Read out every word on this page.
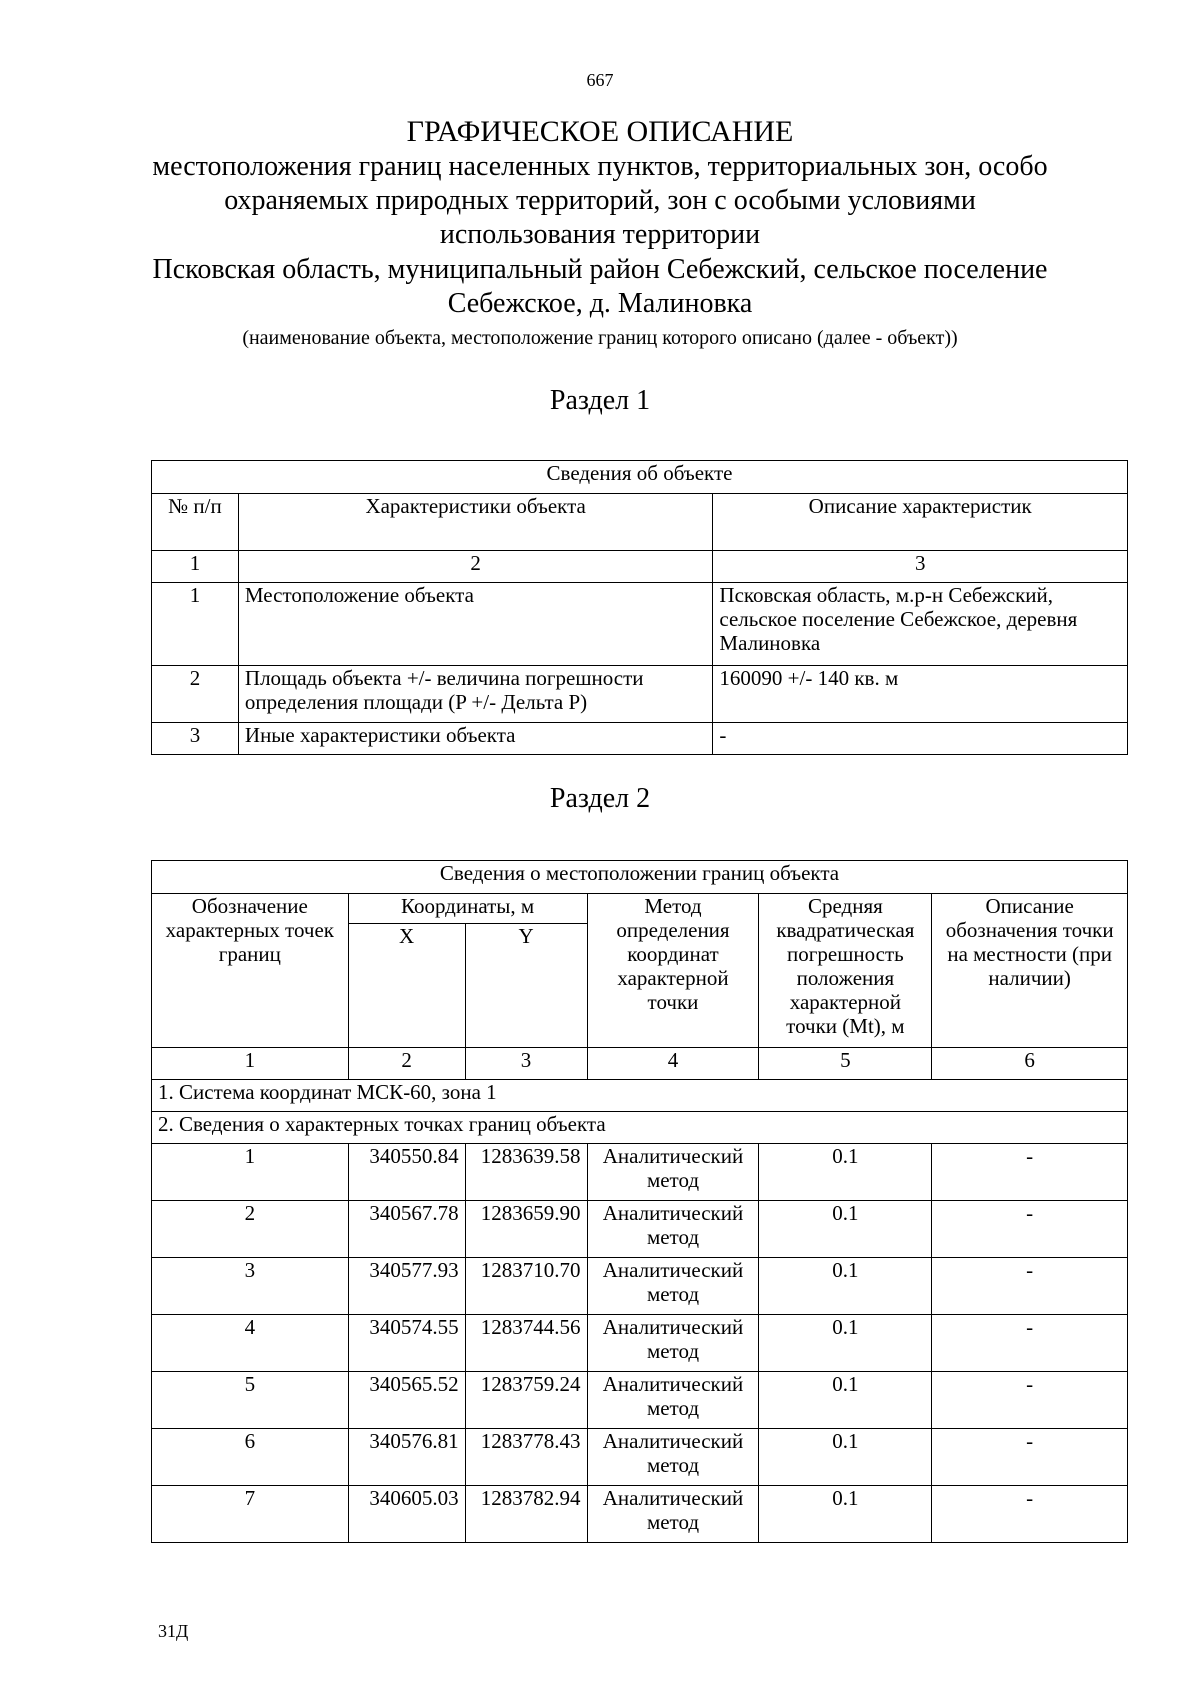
667
ГРАФИЧЕСКОЕ ОПИСАНИЕ
местоположения границ населенных пунктов, территориальных зон, особо
охраняемых природных территорий, зон с особыми условиями
использования территории
Псковская область, муниципальный район Себежский, сельское поселение
Себежское, д. Малиновка
(наименование объекта, местоположение границ которого описано (далее - объект))
Раздел 1
Сведения об объекте		
№ п/п	Характеристики объекта	Описание характеристик
1	2	3
1	Местоположение объекта	Псковская область, м.р-н Себежский, сельское поселение Себежское, деревня Малиновка
2	Площадь объекта +/- величина погрешности определения площади (P +/- Дельта P)	160090 +/- 140 кв. м
3	Иные характеристики объекта	-
Раздел 2
Сведения о местоположении границ объекта					
Обозначение характерных точек границ	Координаты, м		Метод определения координат характерной точки	Средняя квадратическая погрешность положения характерной точки (Mt), м	Описание обозначения точки на местности (при наличии)
	X	Y			
1	2	3	4	5	6
1. Система координат МСК-60, зона 1					
2. Сведения о характерных точках границ объекта					
1	340550.84	1283639.58	Аналитический метод	0.1	-
2	340567.78	1283659.90	Аналитический метод	0.1	-
3	340577.93	1283710.70	Аналитический метод	0.1	-
4	340574.55	1283744.56	Аналитический метод	0.1	-
5	340565.52	1283759.24	Аналитический метод	0.1	-
6	340576.81	1283778.43	Аналитический метод	0.1	-
7	340605.03	1283782.94	Аналитический метод	0.1	-
31Д
